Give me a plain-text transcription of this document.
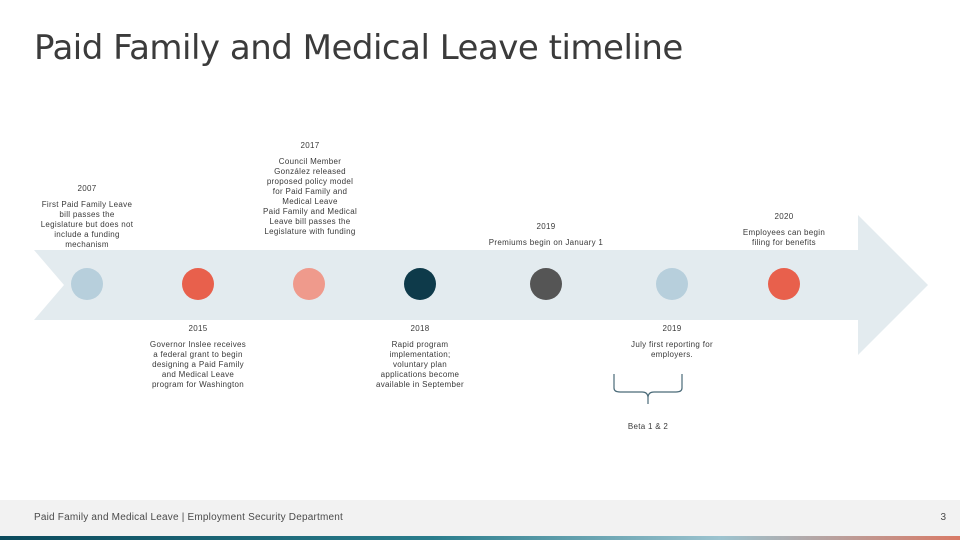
Paid Family and Medical Leave timeline
2007
First Paid Family Leave bill passes the Legislature but does not include a funding mechanism
2017
Council Member González released proposed policy model for Paid Family and Medical Leave
Paid Family and Medical Leave bill passes the Legislature with funding
2019
Premiums begin on January 1
2020
Employees can begin filing for benefits
2015
Governor Inslee receives a federal grant to begin designing a Paid Family and Medical Leave program for Washington
2018
Rapid program implementation; voluntary plan applications become available in September
2019
July first reporting for employers.
Beta 1 & 2
Paid Family and Medical Leave | Employment Security Department	3
